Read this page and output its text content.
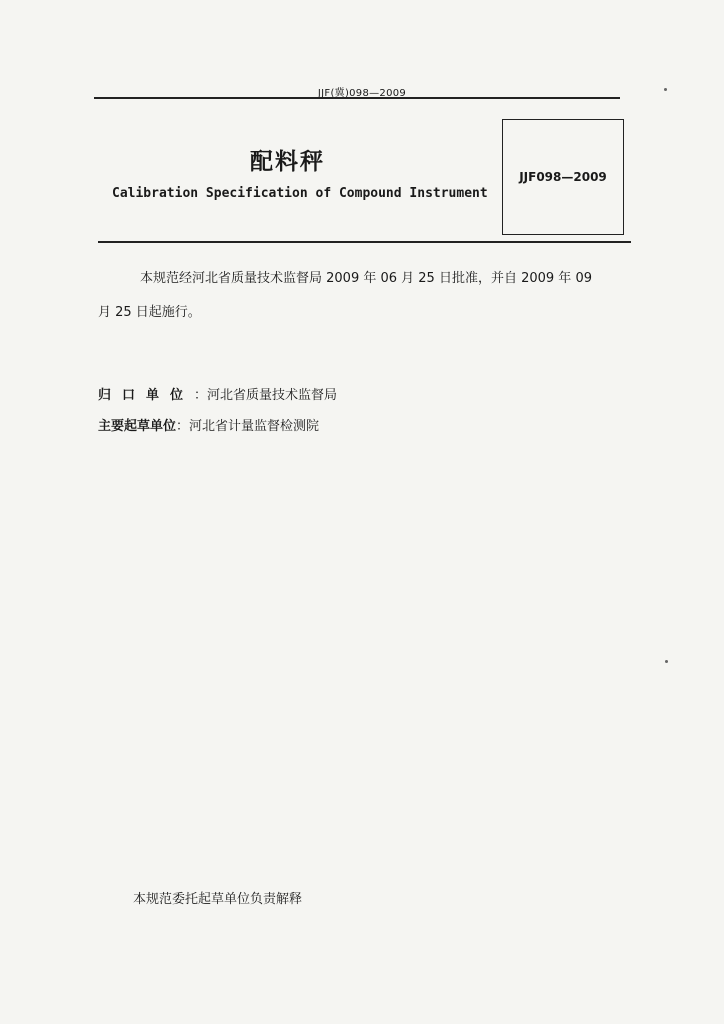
JJF(冀)098—2009
配料秤
Calibration Specification of Compound Instrument
JJF098—2009
本规范经河北省质量技术监督局 2009 年 06 月 25 日批准，并自 2009 年 09 月 25 日起施行。
归口单位：河北省质量技术监督局
主要起草单位：河北省计量监督检测院
本规范委托起草单位负责解释
